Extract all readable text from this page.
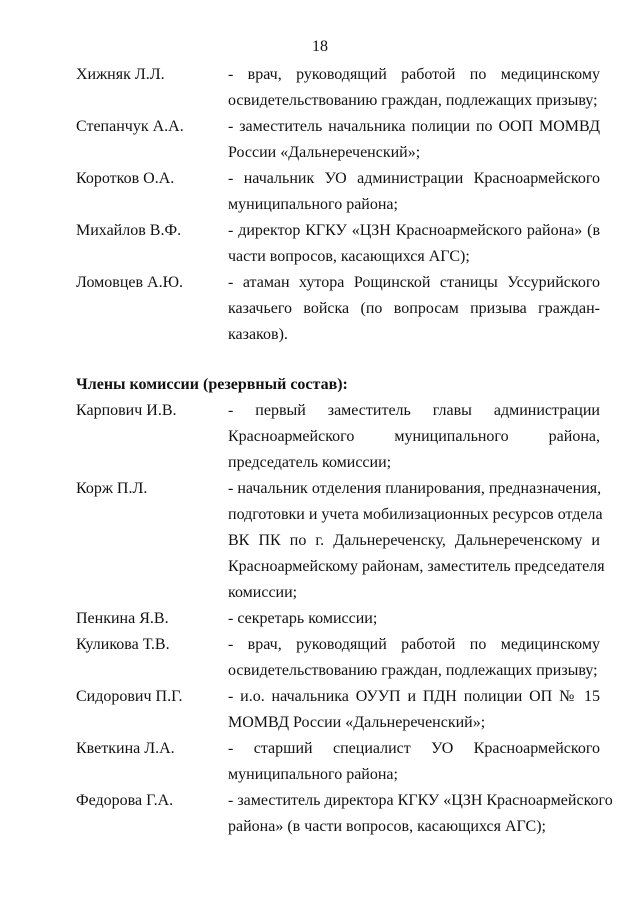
18
Хижняк Л.Л.	- врач, руководящий работой по медицинскому
освидетельствованию граждан, подлежащих призыву;
Степанчук А.А.	- заместитель начальника полиции по ООП МОМВД
России «Дальнереченский»;
Коротков О.А.	- начальник УО администрации Красноармейского
муниципального района;
Михайлов В.Ф.	- директор КГКУ «ЦЗН Красноармейского района» (в
части вопросов, касающихся АГС);
Ломовцев А.Ю.	- атаман хутора Рощинской станицы Уссурийского
казачьего войска (по вопросам призыва граждан-
казаков).
Члены комиссии (резервный состав):
Карпович И.В.	- первый заместитель главы администрации
Красноармейского муниципального района,
председатель комиссии;
Корж П.Л.	- начальник отделения планирования, предназначения,
подготовки и учета мобилизационных ресурсов отдела
ВК ПК по г. Дальнереченску, Дальнереченскому и
Красноармейскому районам, заместитель председателя
комиссии;
Пенкина Я.В.	- секретарь комиссии;
Куликова Т.В.	- врач, руководящий работой по медицинскому
освидетельствованию граждан, подлежащих призыву;
Сидорович П.Г.	- и.о. начальника ОУУП и ПДН полиции ОП № 15
МОМВД России «Дальнереченский»;
Кветкина Л.А.	- старший специалист УО Красноармейского
муниципального района;
Федорова Г.А.	- заместитель директора КГКУ «ЦЗН Красноармейского
района» (в части вопросов, касающихся АГС);
